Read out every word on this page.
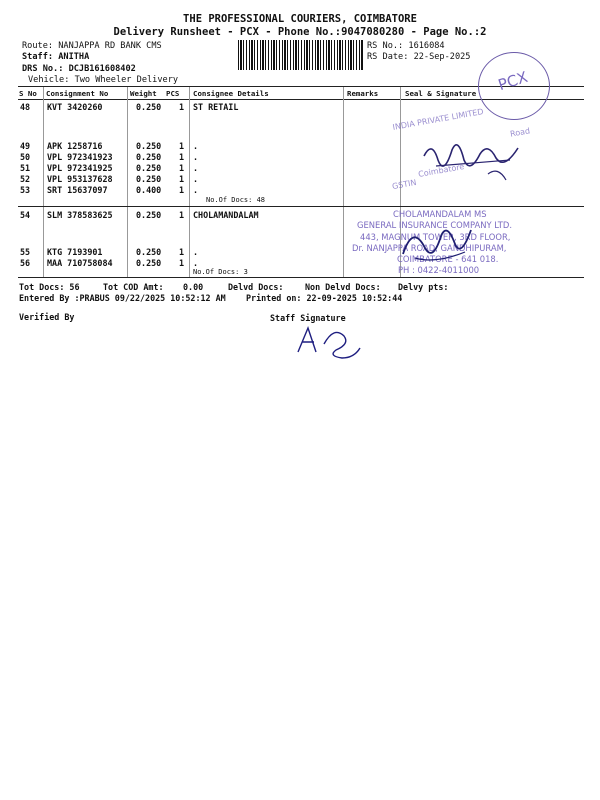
THE PROFESSIONAL COURIERS, COIMBATORE
Delivery Runsheet - PCX - Phone No.:9047080280 - Page No.:2
Route: NANJAPPA RD BANK CMS
Staff: ANITHA
DRS No.: DCJB161608402
Vehicle: Two Wheeler Delivery
RS No.: 1616084
RS Date: 22-Sep-2025
S No Consignment No	Weight PCS Consignee Details	Remarks	Seal & Signature
48 KVT 3420260	0.250 1 ST RETAIL
49 APK 1258716	0.250 1 .
50 VPL 972341923	0.250 1 .
51 VPL 972341925	0.250 1 .
52 VPL 953137628	0.250 1 .
53 SRT 15637097	0.400 1 .
No.Of Docs: 48
54 SLM 378583625	0.250 1 CHOLAMANDALAM
55 KTG 7193901	0.250 1 .
56 MAA 710758084	0.250 1 .
No.Of Docs: 3
Tot Docs: 56	Tot COD Amt: 0.00	Delvd Docs:	Non Delvd Docs: Delvy pts:
Entered By :PRABUS 09/22/2025 10:52:12 AM Printed on: 22-09-2025 10:52:44
Verified By	Staff Signature
PCX
INDIA PRIVATE LIMITED
Road
Coimbatore
GSTIN
CHOLAMANDALAM MS
GENERAL INSURANCE COMPANY LTD.
443, MAGNUM TOWER, 3RD FLOOR,
Dr. NANJAPPA ROAD, GANDHIPURAM,
COIMBATORE - 641 018.
PH : 0422-4011000
